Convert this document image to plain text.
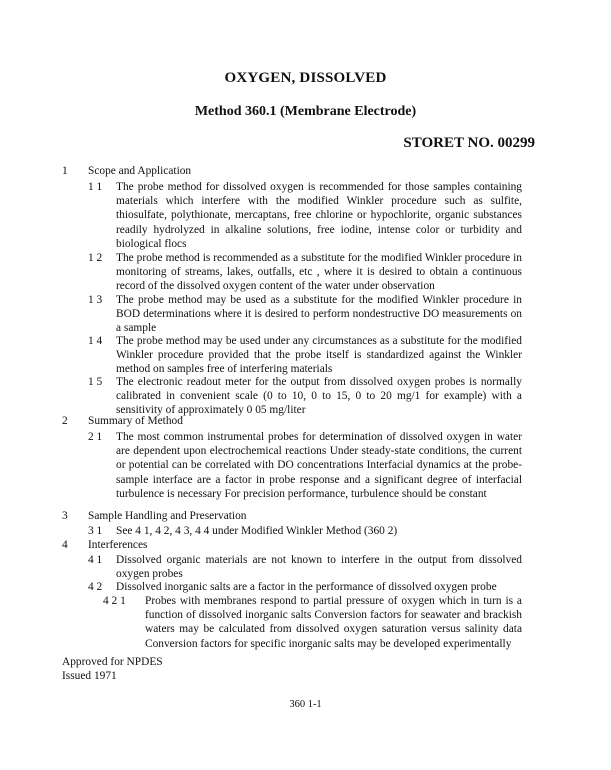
OXYGEN, DISSOLVED
Method 360.1 (Membrane Electrode)
STORET NO. 00299
1 Scope and Application
1 1 The probe method for dissolved oxygen is recommended for those samples containing materials which interfere with the modified Winkler procedure such as sulfite, thiosulfate, polythionate, mercaptans, free chlorine or hypochlorite, organic substances readily hydrolyzed in alkaline solutions, free iodine, intense color or turbidity and biological flocs
1 2 The probe method is recommended as a substitute for the modified Winkler procedure in monitoring of streams, lakes, outfalls, etc , where it is desired to obtain a continuous record of the dissolved oxygen content of the water under observation
1 3 The probe method may be used as a substitute for the modified Winkler procedure in BOD determinations where it is desired to perform nondestructive DO measurements on a sample
1 4 The probe method may be used under any circumstances as a substitute for the modified Winkler procedure provided that the probe itself is standardized against the Winkler method on samples free of interfering materials
1 5 The electronic readout meter for the output from dissolved oxygen probes is normally calibrated in convenient scale (0 to 10, 0 to 15, 0 to 20 mg/1 for example) with a sensitivity of approximately 0 05 mg/liter
2 Summary of Method
2 1 The most common instrumental probes for determination of dissolved oxygen in water are dependent upon electrochemical reactions Under steady-state conditions, the current or potential can be correlated with DO concentrations Interfacial dynamics at the probe-sample interface are a factor in probe response and a significant degree of interfacial turbulence is necessary For precision performance, turbulence should be constant
3 Sample Handling and Preservation
3 1 See 4 1, 4 2, 4 3, 4 4 under Modified Winkler Method (360 2)
4 Interferences
4 1 Dissolved organic materials are not known to interfere in the output from dissolved oxygen probes
4 2 Dissolved inorganic salts are a factor in the performance of dissolved oxygen probe
4 2 1 Probes with membranes respond to partial pressure of oxygen which in turn is a function of dissolved inorganic salts Conversion factors for seawater and brackish waters may be calculated from dissolved oxygen saturation versus salinity data Conversion factors for specific inorganic salts may be developed experimentally
Approved for NPDES
Issued 1971
360 1-1
